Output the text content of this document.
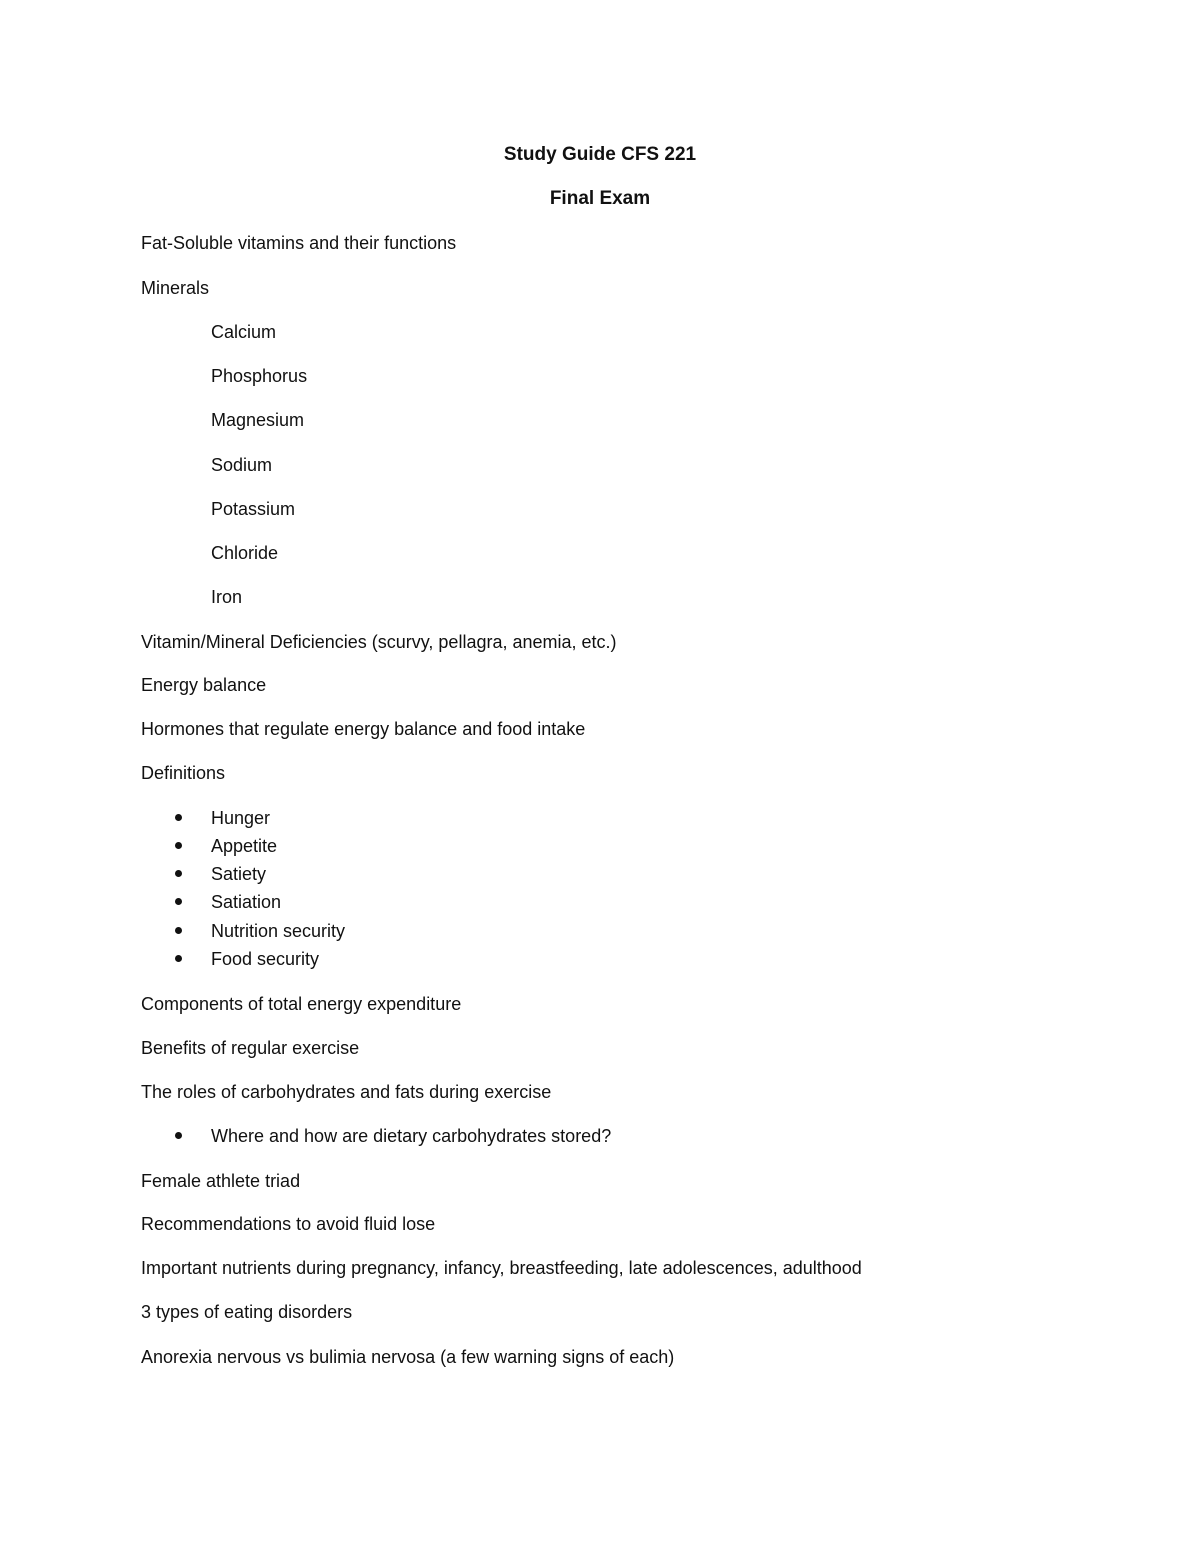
Study Guide CFS 221
Final Exam
Fat-Soluble vitamins and their functions
Minerals
Calcium
Phosphorus
Magnesium
Sodium
Potassium
Chloride
Iron
Vitamin/Mineral Deficiencies (scurvy, pellagra, anemia, etc.)
Energy balance
Hormones that regulate energy balance and food intake
Definitions
Hunger
Appetite
Satiety
Satiation
Nutrition security
Food security
Components of total energy expenditure
Benefits of regular exercise
The roles of carbohydrates and fats during exercise
Where and how are dietary carbohydrates stored?
Female athlete triad
Recommendations to avoid fluid lose
Important nutrients during pregnancy, infancy, breastfeeding, late adolescences, adulthood
3 types of eating disorders
Anorexia nervous vs bulimia nervosa (a few warning signs of each)
